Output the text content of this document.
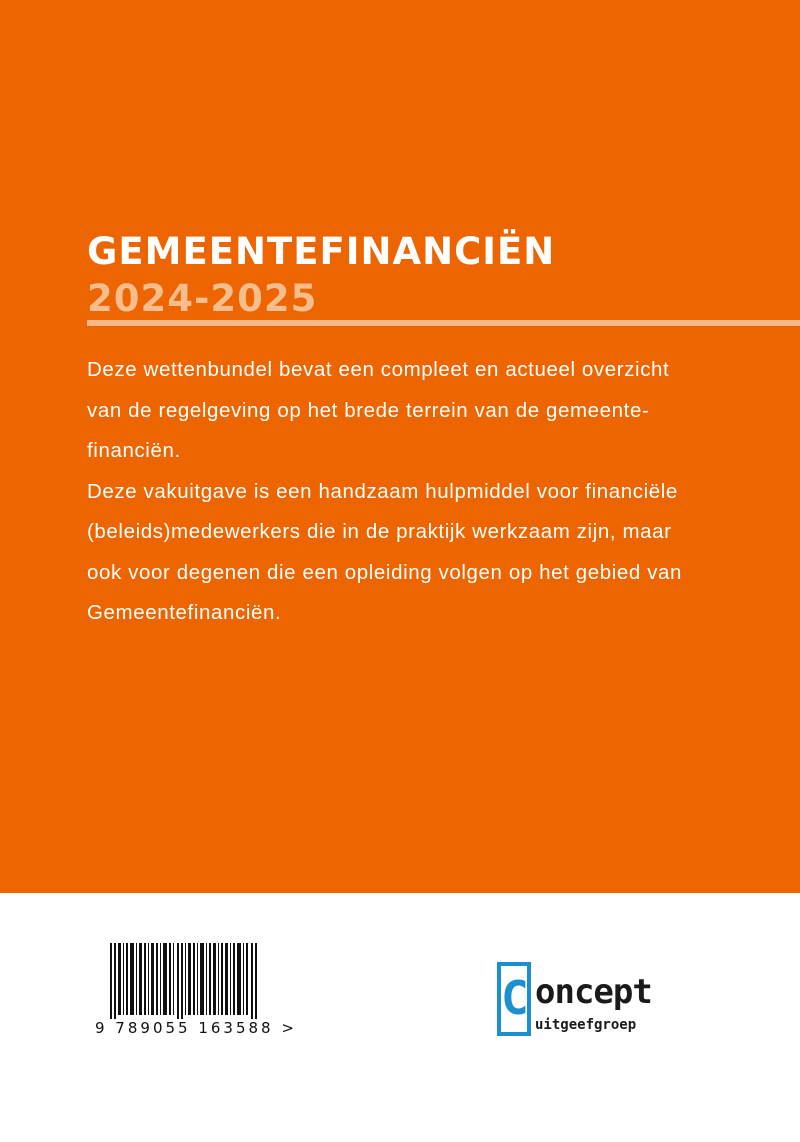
GEMEENTEFINANCIËN
2024-2025
Deze wettenbundel bevat een compleet en actueel overzicht
van de regelgeving op het brede terrein van de gemeente-
financiën.
Deze vakuitgave is een handzaam hulpmiddel voor financiële
(beleids)medewerkers die in de praktijk werkzaam zijn, maar
ook voor degenen die een opleiding volgen op het gebied van
Gemeentefinanciën.
9 789055 163588 >
C oncept
uitgeefgroep
